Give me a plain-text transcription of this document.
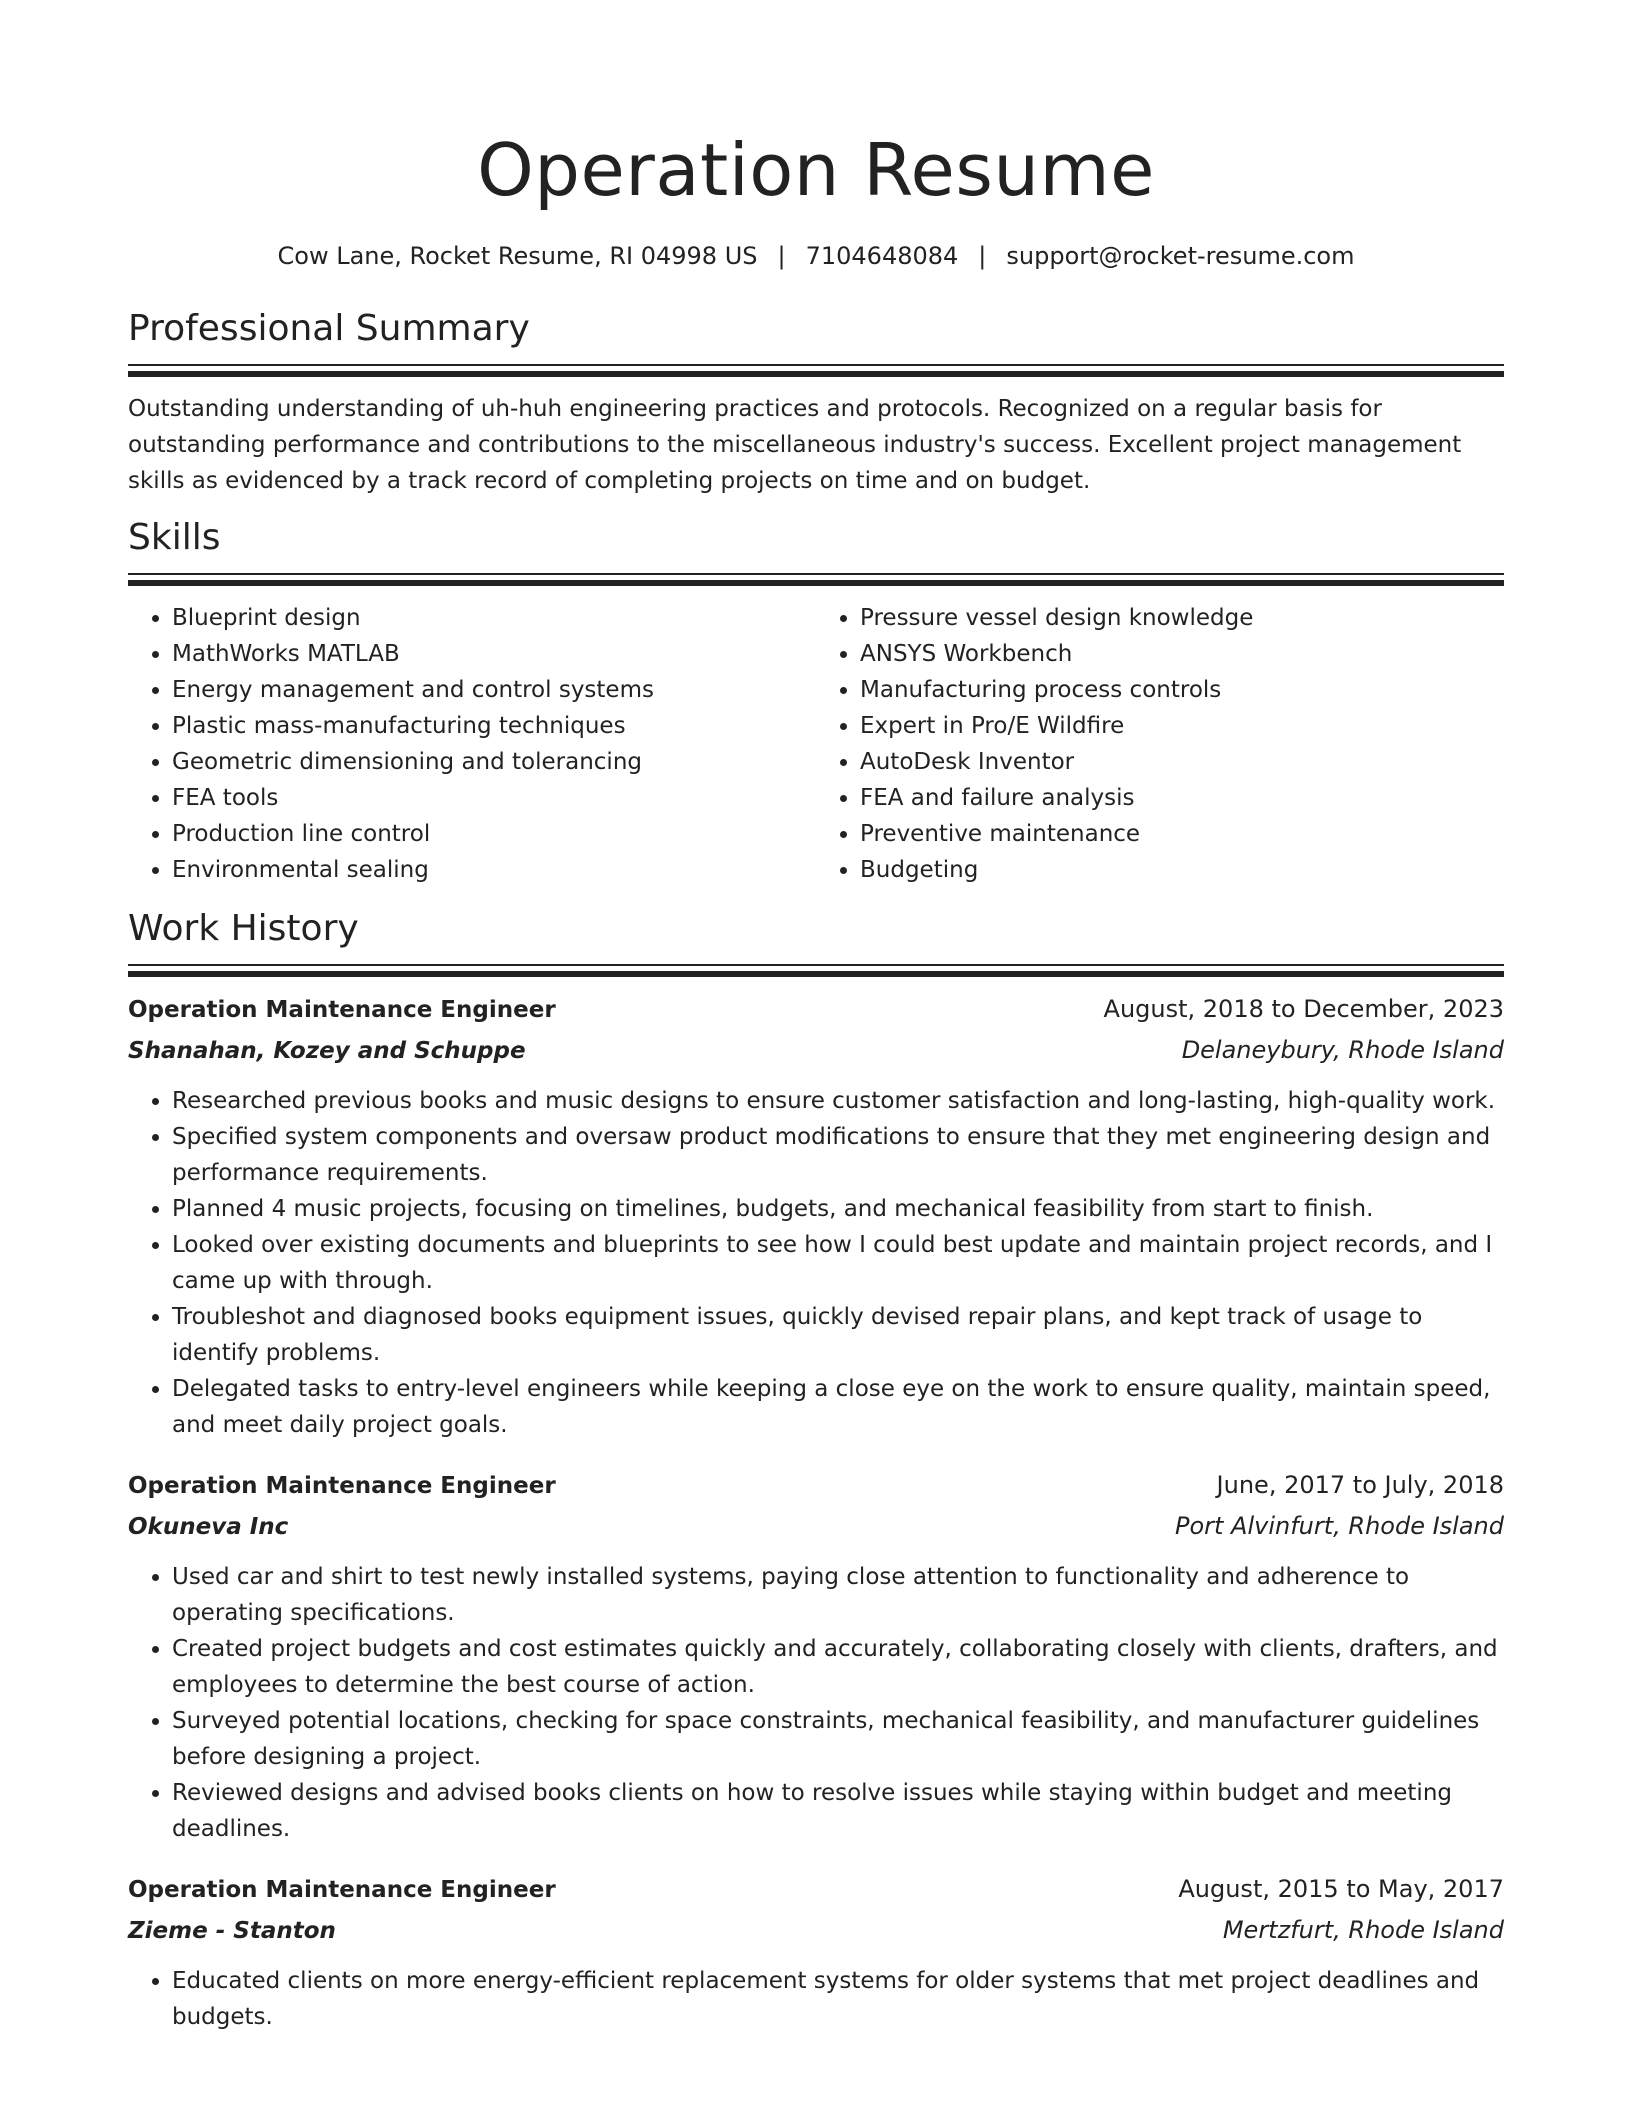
Operation Resume
Cow Lane, Rocket Resume, RI 04998 US | 7104648084 | support@rocket-resume.com
Professional Summary

Outstanding understanding of uh-huh engineering practices and protocols. Recognized on a regular basis for outstanding performance and contributions to the miscellaneous industry's success. Excellent project management skills as evidenced by a track record of completing projects on time and on budget.

Skills
• Blueprint design
• MathWorks MATLAB
• Energy management and control systems
• Plastic mass-manufacturing techniques
• Geometric dimensioning and tolerancing
• FEA tools
• Production line control
• Environmental sealing
• Pressure vessel design knowledge
• ANSYS Workbench
• Manufacturing process controls
• Expert in Pro/E Wildfire
• AutoDesk Inventor
• FEA and failure analysis
• Preventive maintenance
• Budgeting
Work History
Operation Maintenance Engineer	August, 2018 to December, 2023
Shanahan, Kozey and Schuppe	Delaneybury, Rhode Island
• Researched previous books and music designs to ensure customer satisfaction and long-lasting, high-quality work.
• Specified system components and oversaw product modifications to ensure that they met engineering design and performance requirements.
• Planned 4 music projects, focusing on timelines, budgets, and mechanical feasibility from start to finish.
• Looked over existing documents and blueprints to see how I could best update and maintain project records, and I came up with through.
• Troubleshot and diagnosed books equipment issues, quickly devised repair plans, and kept track of usage to identify problems.
• Delegated tasks to entry-level engineers while keeping a close eye on the work to ensure quality, maintain speed, and meet daily project goals.
Operation Maintenance Engineer	June, 2017 to July, 2018
Okuneva Inc	Port Alvinfurt, Rhode Island
• Used car and shirt to test newly installed systems, paying close attention to functionality and adherence to operating specifications.
• Created project budgets and cost estimates quickly and accurately, collaborating closely with clients, drafters, and employees to determine the best course of action.
• Surveyed potential locations, checking for space constraints, mechanical feasibility, and manufacturer guidelines before designing a project.
• Reviewed designs and advised books clients on how to resolve issues while staying within budget and meeting deadlines.
Operation Maintenance Engineer	August, 2015 to May, 2017
Zieme - Stanton	Mertzfurt, Rhode Island
• Educated clients on more energy-efficient replacement systems for older systems that met project deadlines and budgets.
